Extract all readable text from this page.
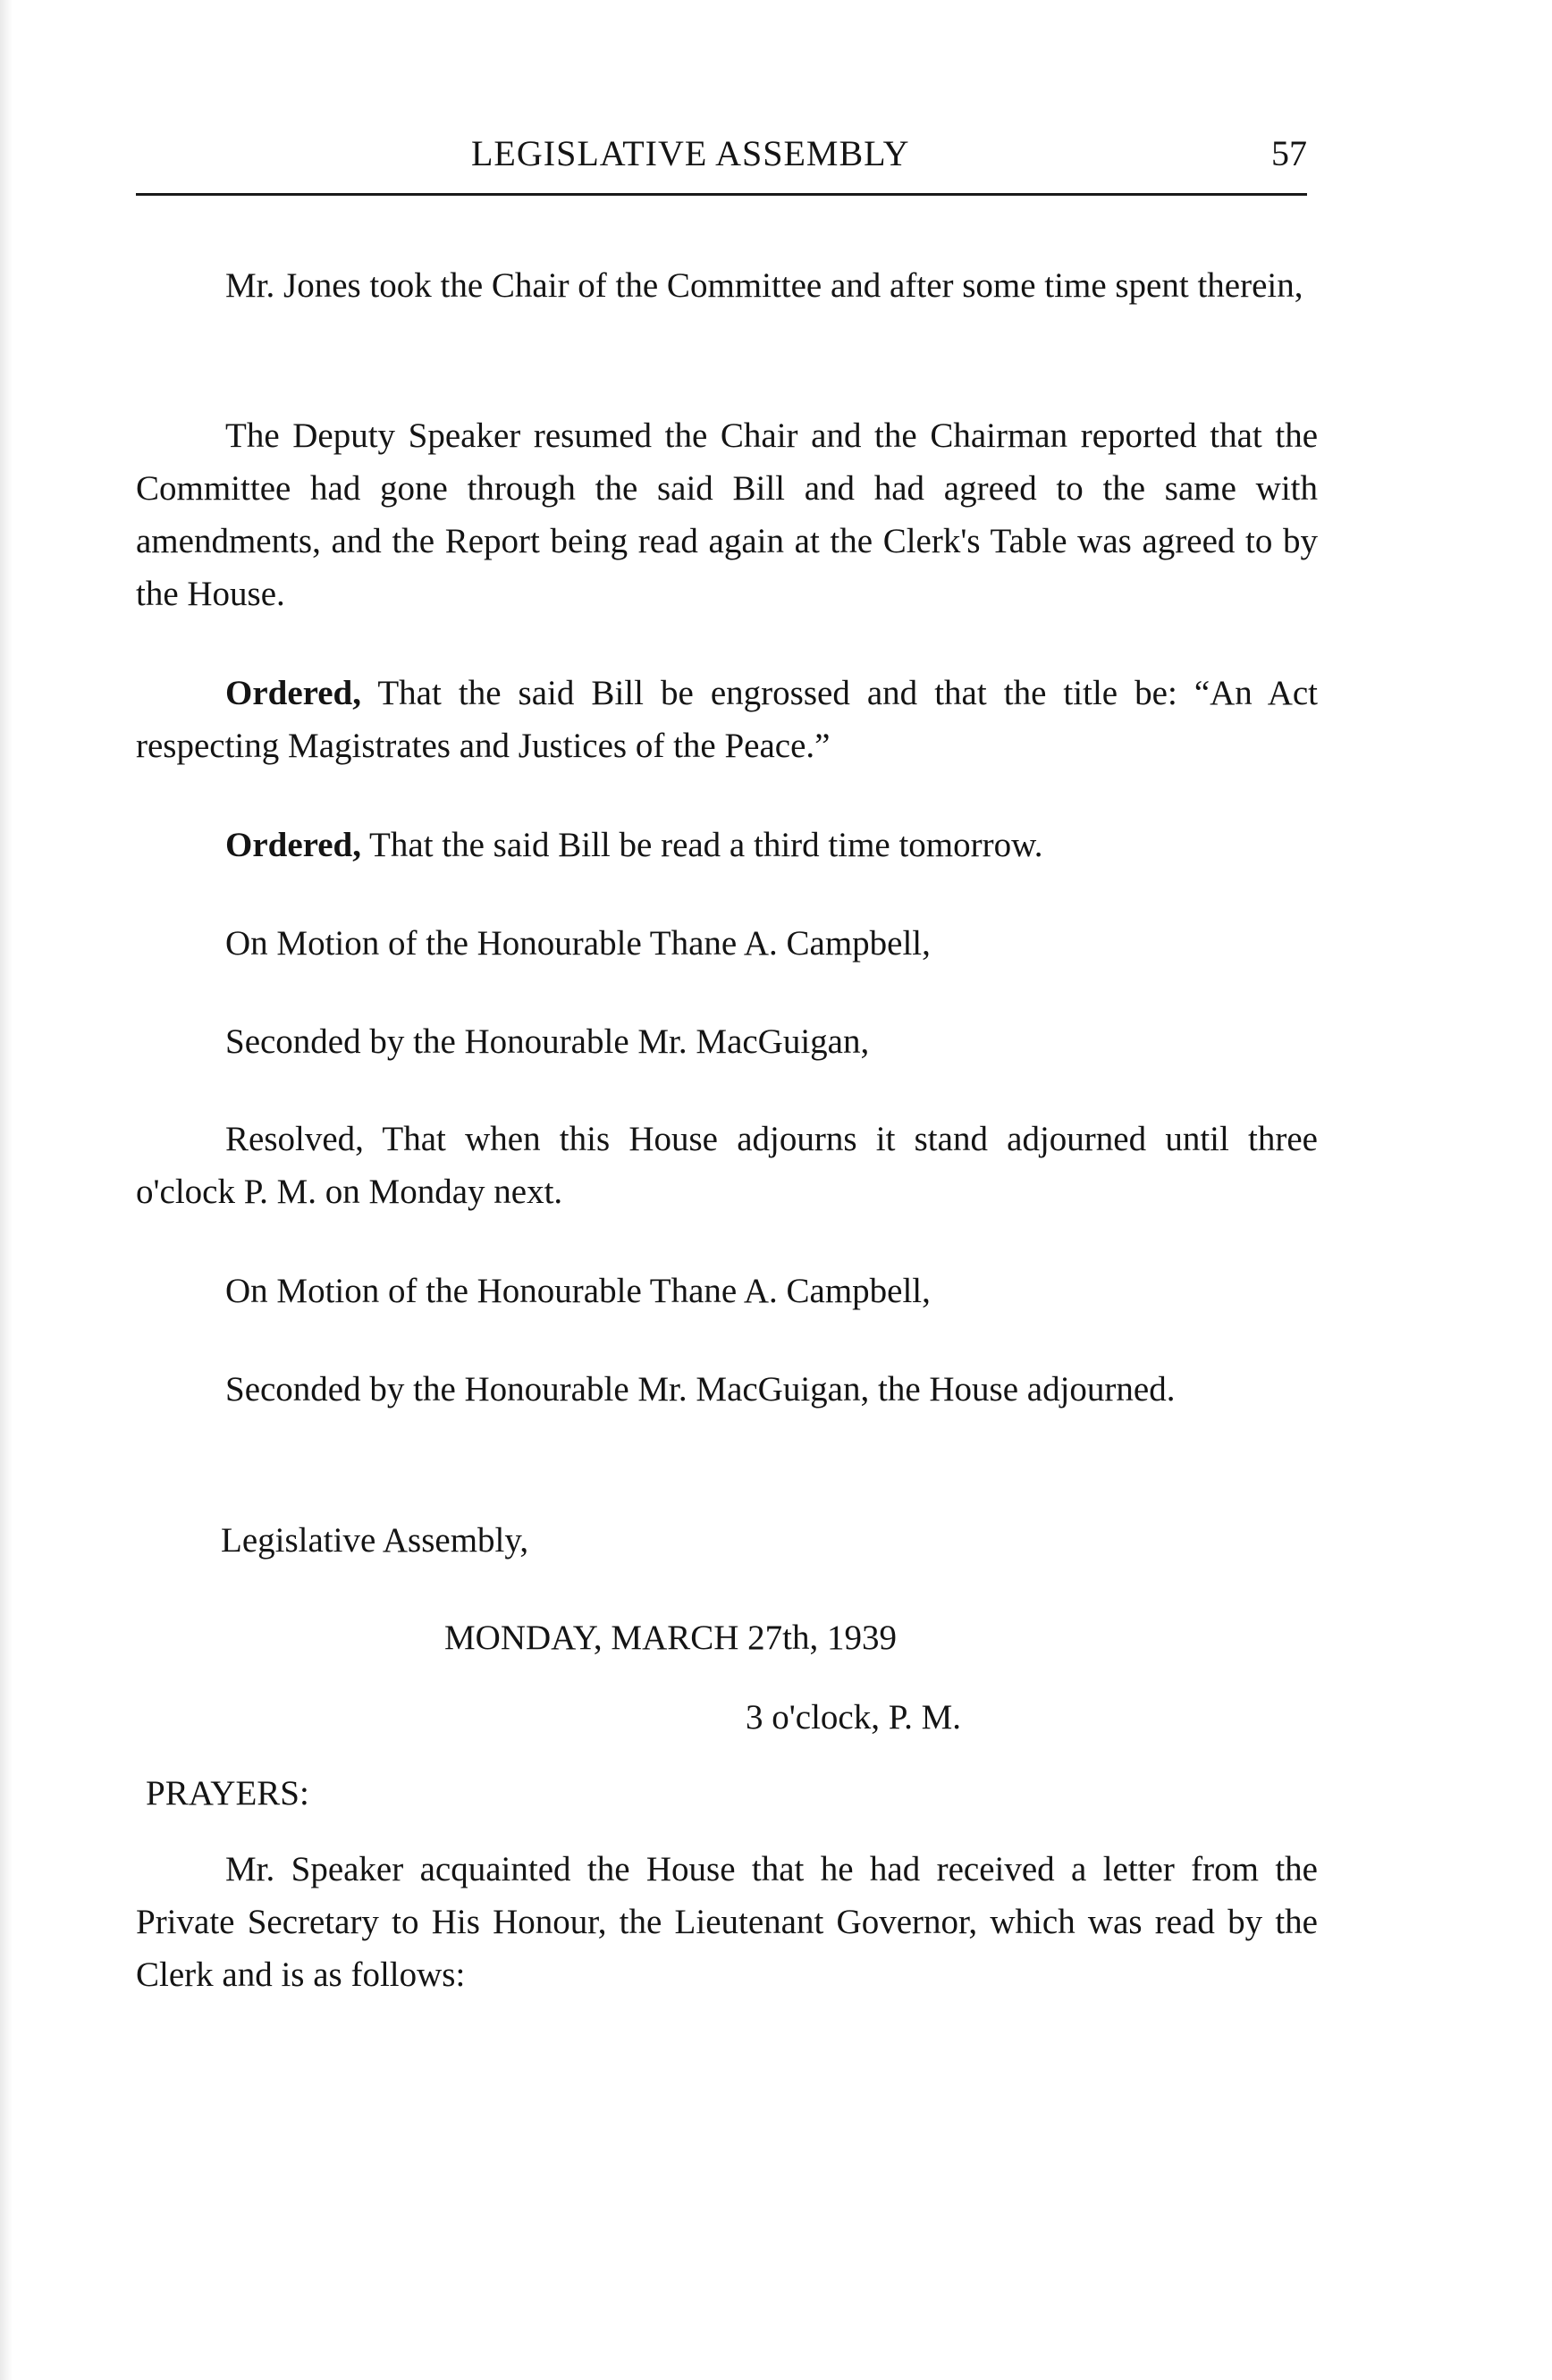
LEGISLATIVE ASSEMBLY	57

Mr. Jones took the Chair of the Committee and after some time spent therein,

The Deputy Speaker resumed the Chair and the Chairman reported that the Committee had gone through the said Bill and had agreed to the same with amendments, and the Report being read again at the Clerk's Table was agreed to by the House.

Ordered, That the said Bill be engrossed and that the title be: “An Act respecting Magistrates and Justices of the Peace.”

Ordered, That the said Bill be read a third time tomorrow.

On Motion of the Honourable Thane A. Campbell,

Seconded by the Honourable Mr. MacGuigan,

Resolved, That when this House adjourns it stand adjourned until three o'clock P. M. on Monday next.

On Motion of the Honourable Thane A. Campbell,

Seconded by the Honourable Mr. MacGuigan, the House adjourned.

Legislative Assembly,

MONDAY, MARCH 27th, 1939

3 o'clock, P. M.

PRAYERS:

Mr. Speaker acquainted the House that he had received a letter from the Private Secretary to His Honour, the Lieutenant Governor, which was read by the Clerk and is as follows:
